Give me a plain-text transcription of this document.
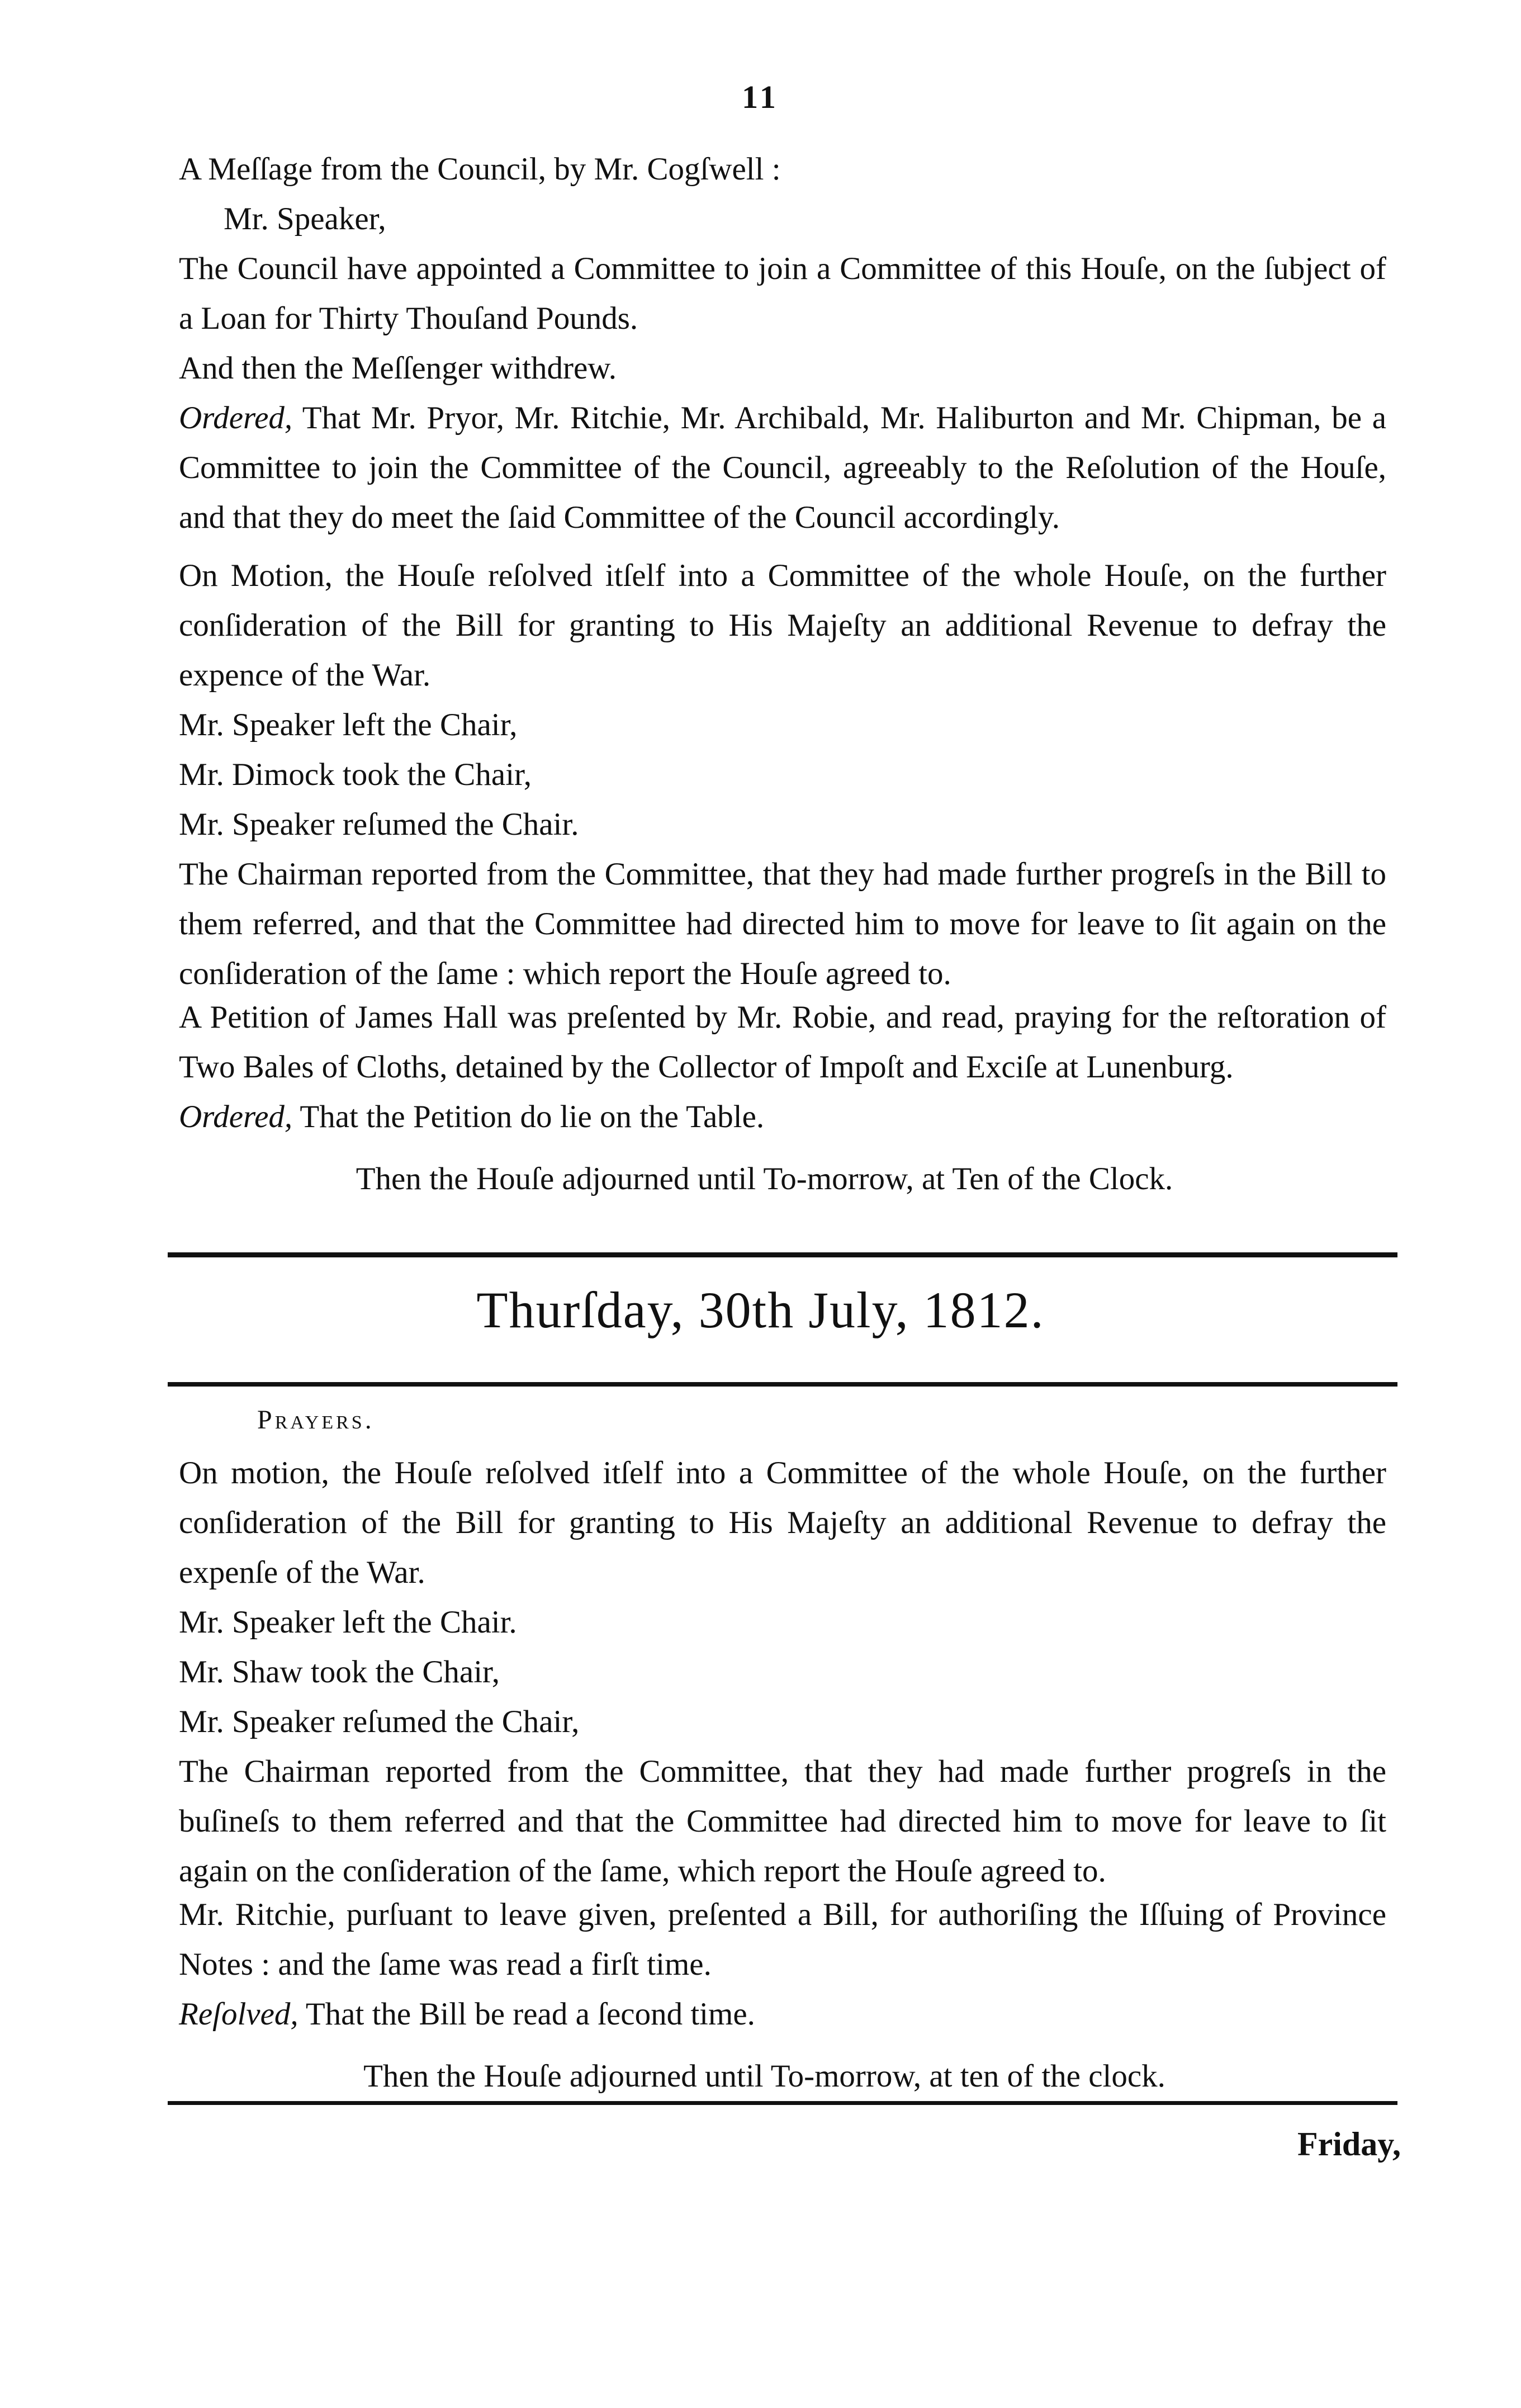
11

A Meſſage from the Council, by Mr. Cogſwell :

Mr. Speaker,

The Council have appointed a Committee to join a Committee of this Houſe, on the ſubject of a Loan for Thirty Thouſand Pounds.

And then the Meſſenger withdrew.

Ordered, That Mr. Pryor, Mr. Ritchie, Mr. Archibald, Mr. Haliburton and Mr. Chipman, be a Committee to join the Committee of the Council, agreeably to the Reſolution of the Houſe, and that they do meet the ſaid Committee of the Council accordingly.

On Motion, the Houſe reſolved itſelf into a Committee of the whole Houſe, on the further conſideration of the Bill for granting to His Majeſty an additional Revenue to defray the expence of the War.

Mr. Speaker left the Chair,

Mr. Dimock took the Chair,

Mr. Speaker reſumed the Chair.

The Chairman reported from the Committee, that they had made further progreſs in the Bill to them referred, and that the Committee had directed him to move for leave to ſit again on the conſideration of the ſame : which report the Houſe agreed to.

A Petition of James Hall was preſented by Mr. Robie, and read, praying for the reſtoration of Two Bales of Cloths, detained by the Collector of Impoſt and Exciſe at Lunenburg.

Ordered, That the Petition do lie on the Table.

Then the Houſe adjourned until To-morrow, at Ten of the Clock.

Thurſday, 30th July, 1812.
Prayers.

On motion, the Houſe reſolved itſelf into a Committee of the whole Houſe, on the further conſideration of the Bill for granting to His Majeſty an additional Revenue to defray the expenſe of the War.

Mr. Speaker left the Chair.

Mr. Shaw took the Chair,

Mr. Speaker reſumed the Chair,

The Chairman reported from the Committee, that they had made further progreſs in the buſineſs to them referred and that the Committee had directed him to move for leave to ſit again on the conſideration of the ſame, which report the Houſe agreed to.

Mr. Ritchie, purſuant to leave given, preſented a Bill, for authoriſing the Iſſuing of Province Notes : and the ſame was read a firſt time.

Reſolved, That the Bill be read a ſecond time.

Then the Houſe adjourned until To-morrow, at ten of the clock.

Friday,
